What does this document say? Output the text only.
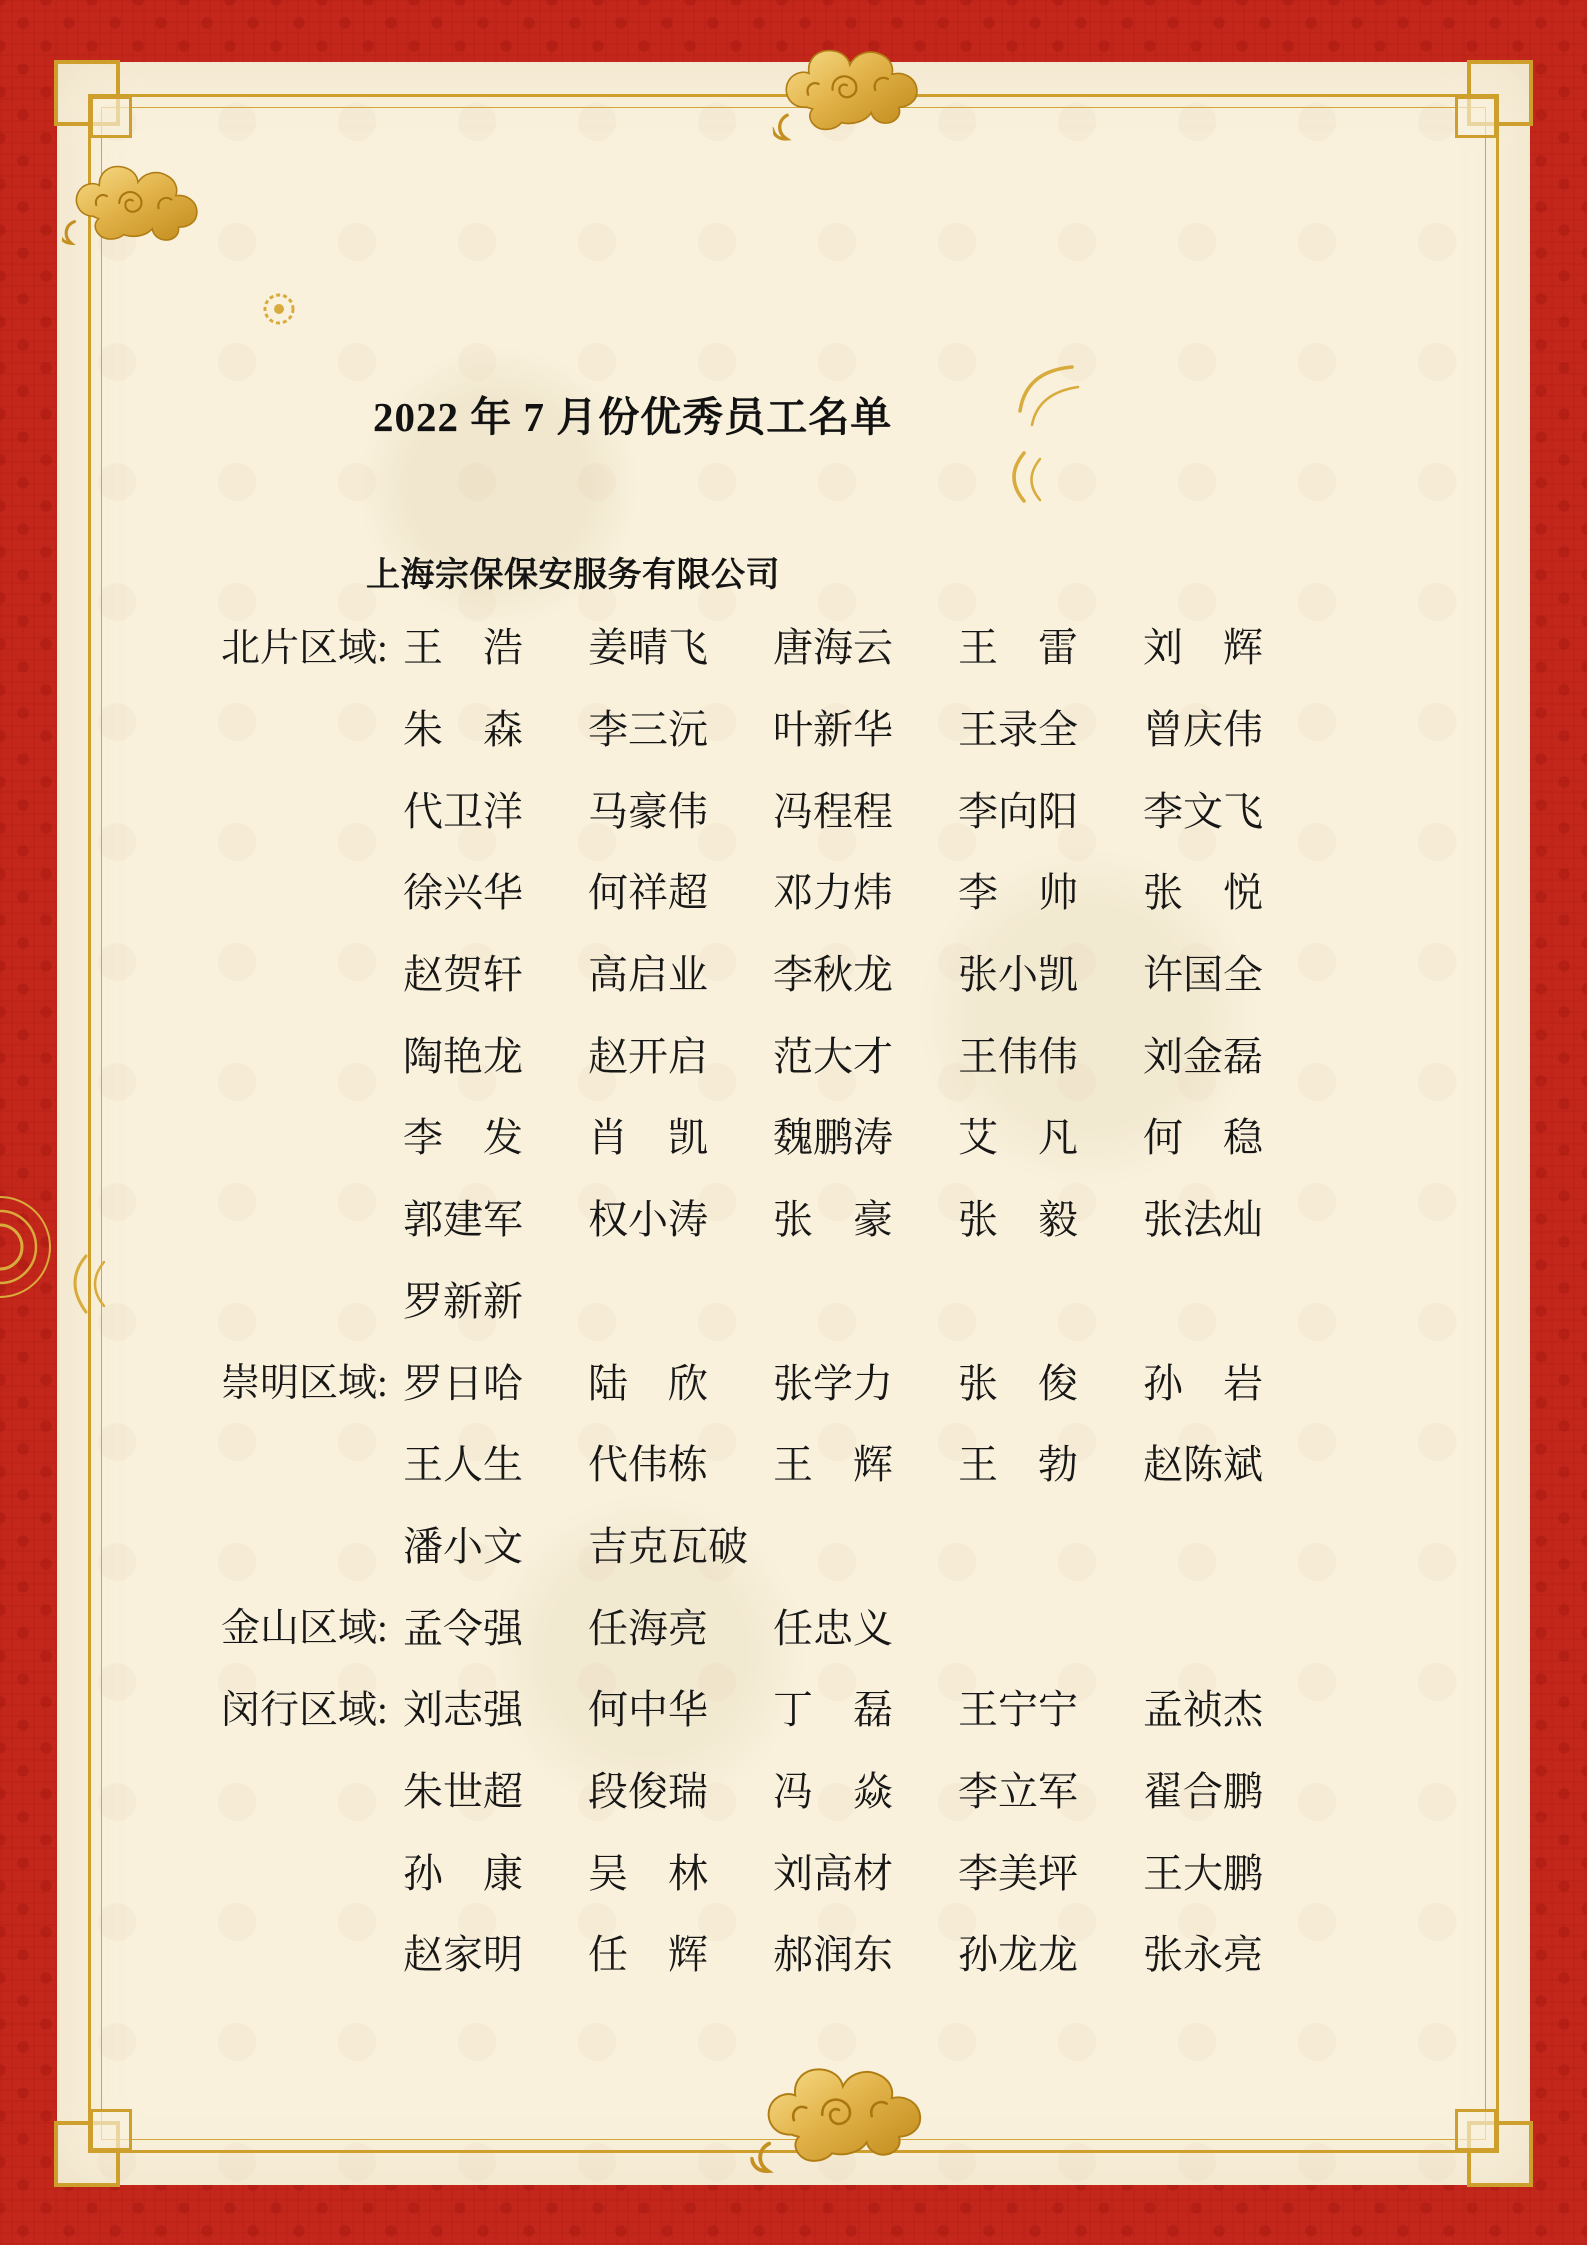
2022 年 7 月份优秀员工名单
上海宗保保安服务有限公司
北片区域: 王　浩	姜晴飞	唐海云	王　雷	刘　辉
朱　森	李三沅	叶新华	王录全	曾庆伟
代卫洋	马豪伟	冯程程	李向阳	李文飞
徐兴华	何祥超	邓力炜	李　帅	张　悦
赵贺轩	高启业	李秋龙	张小凯	许国全
陶艳龙	赵开启	范大才	王伟伟	刘金磊
李　发	肖　凯	魏鹏涛	艾　凡	何　稳
郭建军	权小涛	张　豪	张　毅	张法灿
罗新新
崇明区域: 罗日哈	陆　欣	张学力	张　俊	孙　岩
王人生	代伟栋	王　辉	王　勃	赵陈斌
潘小文	吉克瓦破
金山区域: 孟令强	任海亮	任忠义
闵行区域: 刘志强	何中华	丁　磊	王宁宁	孟祯杰
朱世超	段俊瑞	冯　焱	李立军	翟合鹏
孙　康	吴　林	刘高材	李美坪	王大鹏
赵家明	任　辉	郝润东	孙龙龙	张永亮
